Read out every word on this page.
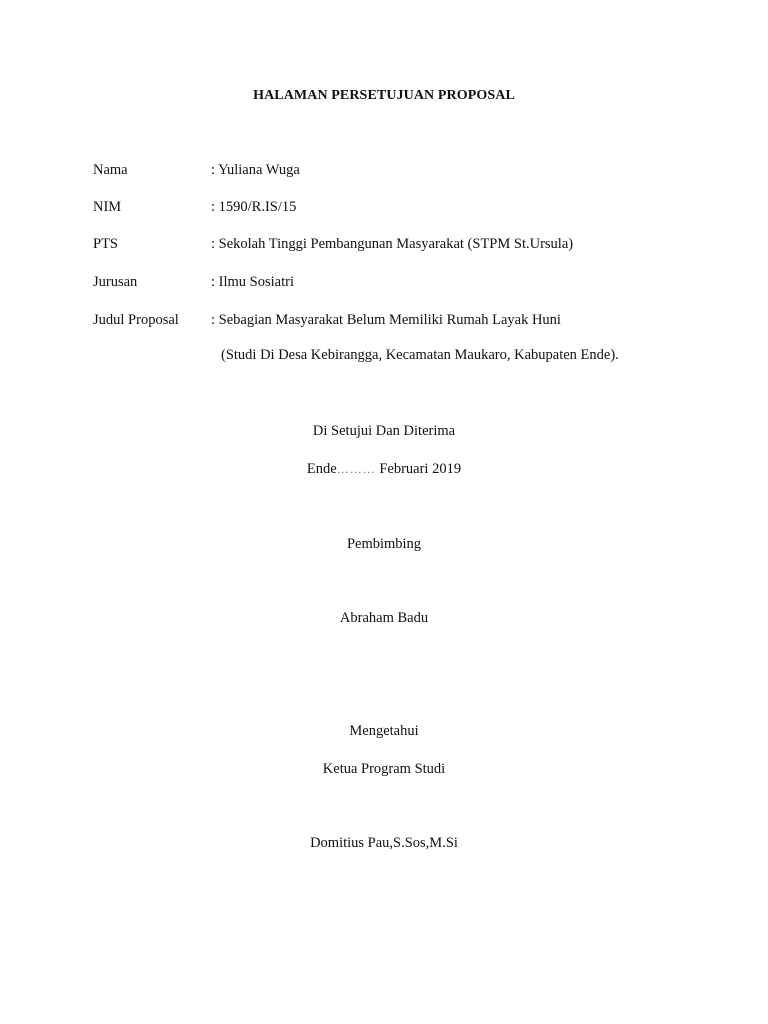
HALAMAN PERSETUJUAN PROPOSAL
Nama	: Yuliana Wuga
NIM	: 1590/R.IS/15
PTS	: Sekolah Tinggi Pembangunan Masyarakat (STPM St.Ursula)
Jurusan	: Ilmu Sosiatri
Judul Proposal : Sebagian Masyarakat Belum Memiliki Rumah Layak Huni
(Studi Di Desa Kebirangga, Kecamatan Maukaro, Kabupaten Ende).
Di Setujui Dan Diterima
Ende……… Februari 2019
Pembimbing
Abraham Badu
Mengetahui
Ketua Program Studi
Domitius Pau,S.Sos,M.Si
